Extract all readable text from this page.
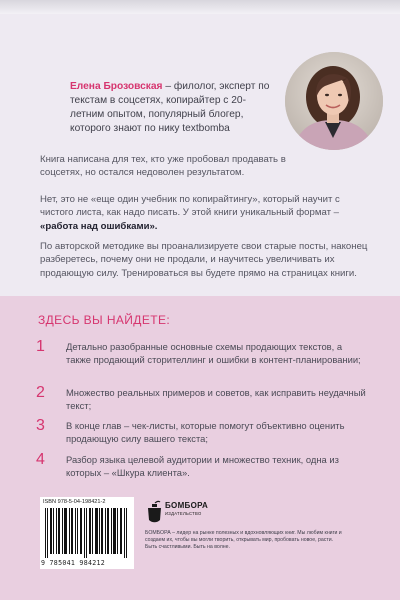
Елена Брозовская – филолог, эксперт по текстам в соцсетях, копирайтер с 20-летним опытом, популярный блогер, которого знают по нику textbomba
Книга написана для тех, кто уже пробовал продавать в соцсетях, но остался недоволен результатом.
Нет, это не «еще один учебник по копирайтингу», который научит с чистого листа, как надо писать. У этой книги уникальный формат –
«работа над ошибками».
По авторской методике вы проанализируете свои старые посты, наконец разберетесь, почему они не продали, и научитесь увеличивать их продающую силу. Тренироваться вы будете прямо на страницах книги.
ЗДЕСЬ ВЫ НАЙДЕТЕ:
1 Детально разобранные основные схемы продающих текстов, а также продающий сторителлинг и ошибки в контент-планировании;
2 Множество реальных примеров и советов, как исправить неудачный текст;
3 В конце глав – чек-листы, которые помогут объективно оценить продающую силу вашего текста;
4 Разбор языка целевой аудитории и множество техник, одна из которых – «Шкура клиента».
ISBN 978-5-04-198421-2
9 785041 984212
БОМБОРА
ИЗДАТЕЛЬСТВО
БОМБОРА – лидер на рынке полезных и вдохновляющих книг. Мы любим книги и создаем их, чтобы вы могли творить, открывать мир, пробовать новое, расти. Быть счастливыми. Быть на волне.
